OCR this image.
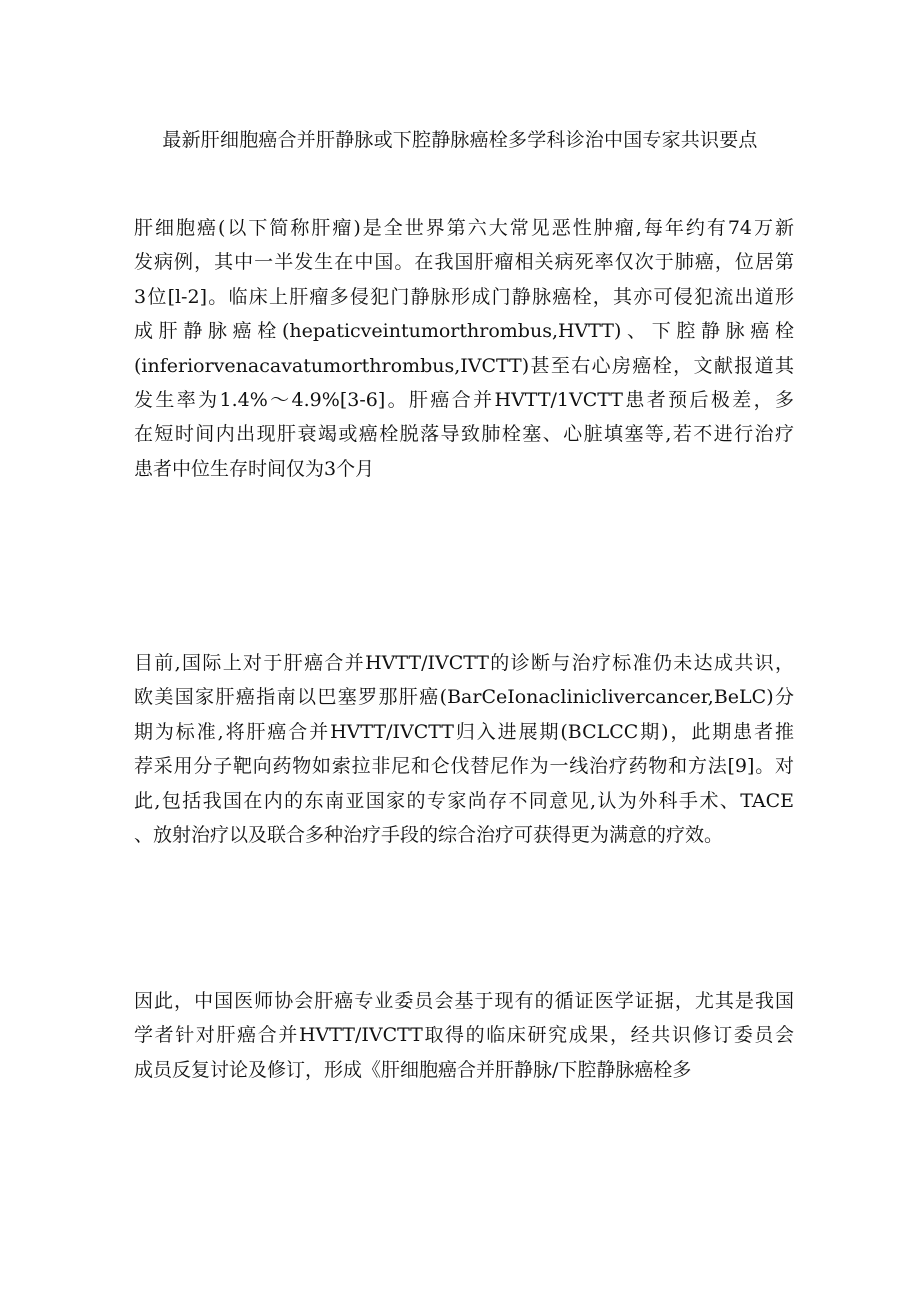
最新肝细胞癌合并肝静脉或下腔静脉癌栓多学科诊治中国专家共识要点
肝细胞癌(以下简称肝瘤)是全世界第六大常见恶性肿瘤,每年约有74万新
发病例，其中一半发生在中国。在我国肝瘤相关病死率仅次于肺癌，位居第
3位[l-2]。临床上肝瘤多侵犯门静脉形成门静脉癌栓，其亦可侵犯流出道形
成肝静脉癌栓(hepaticveintumorthrombus,HVTT)、下腔静脉癌栓
(inferiorvenacavatumorthrombus,IVCTT)甚至右心房癌栓，文献报道其
发生率为1.4%～4.9%[3-6]。肝癌合并HVTT/1VCTT患者预后极差，多
在短时间内出现肝衰竭或癌栓脱落导致肺栓塞、心脏填塞等,若不进行治疗
患者中位生存时间仅为3个月
目前,国际上对于肝癌合并HVTT/IVCTT的诊断与治疗标准仍未达成共识，
欧美国家肝癌指南以巴塞罗那肝癌(BarCeIonacliniclivercancer,BeLC)分
期为标准,将肝癌合并HVTT/IVCTT归入进展期(BCLCC期)，此期患者推
荐采用分子靶向药物如索拉非尼和仑伐替尼作为一线治疗药物和方法[9]。对
此,包括我国在内的东南亚国家的专家尚存不同意见,认为外科手术、TACE
、放射治疗以及联合多种治疗手段的综合治疗可获得更为满意的疗效。
因此，中国医师协会肝癌专业委员会基于现有的循证医学证据，尤其是我国
学者针对肝癌合并HVTT/IVCTT取得的临床研究成果，经共识修订委员会
成员反复讨论及修订，形成《肝细胞癌合并肝静脉/下腔静脉癌栓多
